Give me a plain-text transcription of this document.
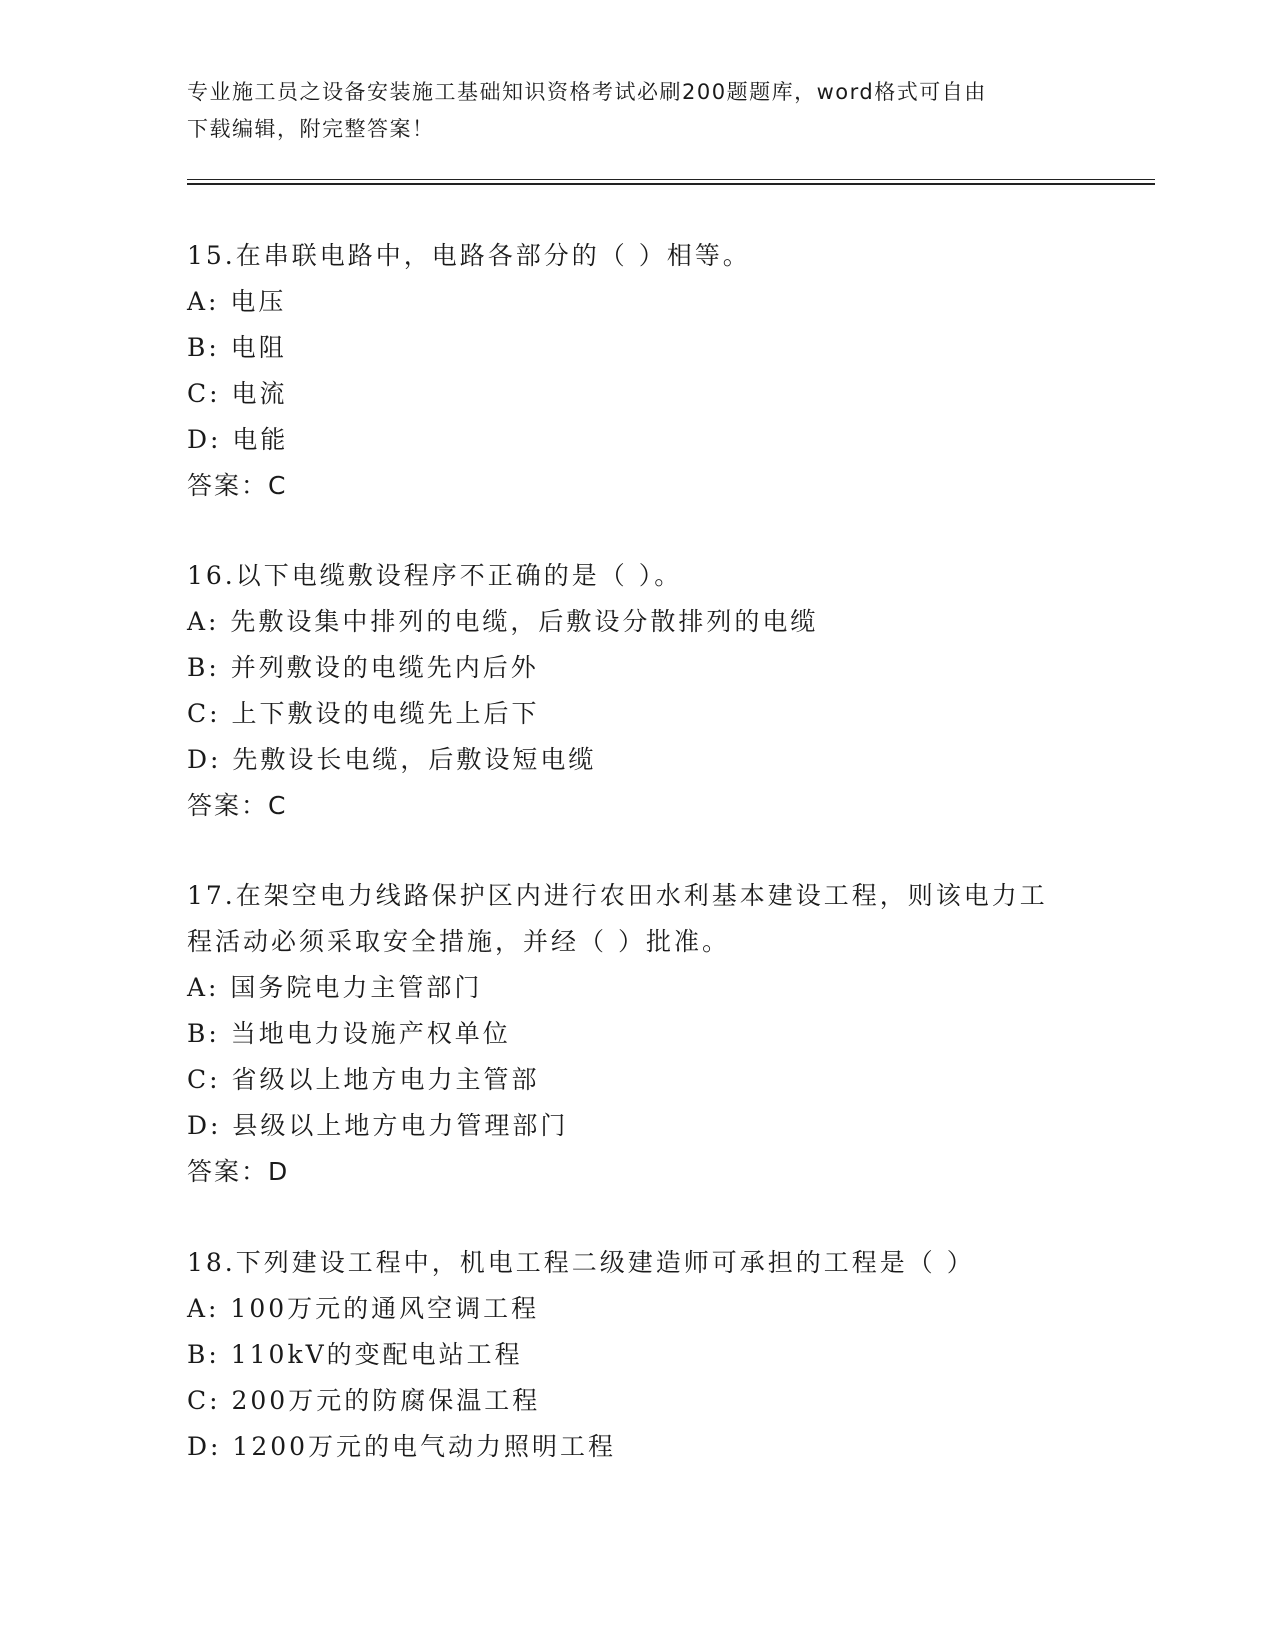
专业施工员之设备安装施工基础知识资格考试必刷200题题库，word格式可自由
下载编辑，附完整答案！
15.在串联电路中，电路各部分的（ ）相等。
A: 电压
B: 电阻
C: 电流
D: 电能
答案：C
16.以下电缆敷设程序不正确的是（ ）。
A: 先敷设集中排列的电缆，后敷设分散排列的电缆
B: 并列敷设的电缆先内后外
C: 上下敷设的电缆先上后下
D: 先敷设长电缆，后敷设短电缆
答案：C
17.在架空电力线路保护区内进行农田水利基本建设工程，则该电力工
程活动必须采取安全措施，并经（ ）批准。
A: 国务院电力主管部门
B: 当地电力设施产权单位
C: 省级以上地方电力主管部
D: 县级以上地方电力管理部门
答案：D
18.下列建设工程中，机电工程二级建造师可承担的工程是（ ）
A: 100万元的通风空调工程
B: 110kV的变配电站工程
C: 200万元的防腐保温工程
D: 1200万元的电气动力照明工程
